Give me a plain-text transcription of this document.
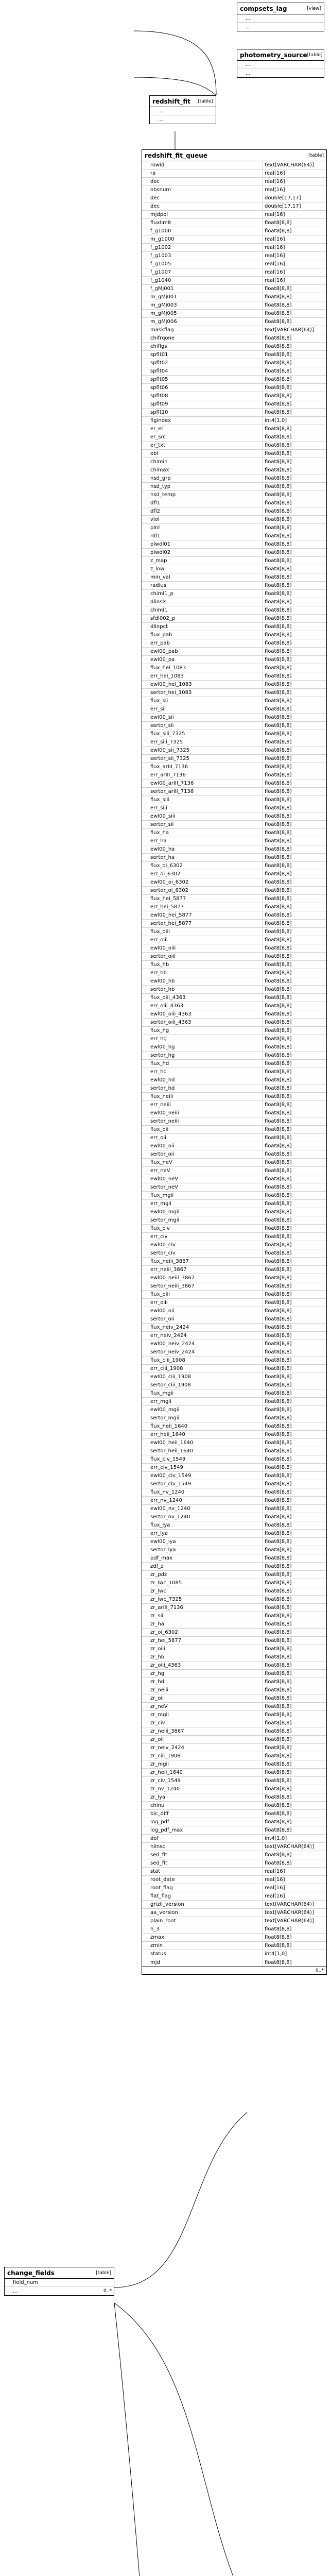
compsets_lag	[view]
...
...
photometry_source [table]
...
...
redshift_fit [table]
...
...
redshift_fit_queue	[table]
rowid	text[VARCHAR(64)]
ra	real[16]
dec	real[16]
obsnum	real[16]
dec	double[17,17]
dec	double[17,17]
mjdpol	real[16]
fluxlimit	float8[8,8]
f_g1000	float8[8,8]
m_g1000	real[16]
f_g1002	real[16]
f_g1003	real[16]
f_g1005	real[16]
f_g1007	real[16]
f_g1040	real[16]
f_gMj001	float8[8,8]
m_gMj001	float8[8,8]
m_gMj003	float8[8,8]
m_gMj005	float8[8,8]
m_gMj006	float8[8,8]
maskflag	text[VARCHAR(64)]
chifrqone	float8[8,8]
chiflgs	float8[8,8]
spflt01	float8[8,8]
spflt02	float8[8,8]
spflt04	float8[8,8]
spflt05	float8[8,8]
spflt06	float8[8,8]
spflt08	float8[8,8]
spflt09	float8[8,8]
spflt10	float8[8,8]
flgindex	int4[1,0]
er_el	float8[8,8]
er_src	float8[8,8]
er_txt	float8[8,8]
obl	float8[8,8]
chimin	float8[8,8]
chimax	float8[8,8]
nsd_grp	float8[8,8]
nsd_typ	float8[8,8]
nsd_temp	float8[8,8]
dfl1	float8[8,8]
dfl2	float8[8,8]
vlol	float8[8,8]
plnl	float8[8,8]
rdl1	float8[8,8]
plwdl01	float8[8,8]
plwdl02	float8[8,8]
z_map	float8[8,8]
z_low	float8[8,8]
min_val	float8[8,8]
radius	float8[8,8]
chiml1_p	float8[8,8]
dlinsls	float8[8,8]
chiml1	float8[8,8]
sfdl002_p	float8[8,8]
dlinpct	float8[8,8]
flux_pab	float8[8,8]
err_pab	float8[8,8]
ewl00_pab	float8[8,8]
ewl00_pa	float8[8,8]
flux_hei_1083	float8[8,8]
err_hei_1083	float8[8,8]
ewl00_hei_1083	float8[8,8]
sertor_hei_1083	float8[8,8]
flux_sii	float8[8,8]
err_sii	float8[8,8]
ewl00_sii	float8[8,8]
sertor_sii	float8[8,8]
flux_siii_7325	float8[8,8]
err_siii_7325	float8[8,8]
ewl00_sii_7325	float8[8,8]
sertor_sii_7325	float8[8,8]
flux_arIII_7136	float8[8,8]
err_arIII_7136	float8[8,8]
ewl00_arIII_7136	float8[8,8]
sertor_arIII_7136	float8[8,8]
flux_siii	float8[8,8]
err_siii	float8[8,8]
ewl00_siii	float8[8,8]
sertor_sii	float8[8,8]
flux_ha	float8[8,8]
err_ha	float8[8,8]
ewl00_ha	float8[8,8]
sertor_ha	float8[8,8]
flux_oi_6302	float8[8,8]
err_oi_6302	float8[8,8]
ewl00_oi_6302	float8[8,8]
sertor_oi_6302	float8[8,8]
flux_hei_5877	float8[8,8]
err_hei_5877	float8[8,8]
ewl00_hei_5877	float8[8,8]
sertor_hei_5877	float8[8,8]
flux_oiii	float8[8,8]
err_oiii	float8[8,8]
ewl00_oiii	float8[8,8]
sertor_oiii	float8[8,8]
flux_hb	float8[8,8]
err_hb	float8[8,8]
ewl00_hb	float8[8,8]
sertor_hb	float8[8,8]
flux_oiii_4363	float8[8,8]
err_oiii_4363	float8[8,8]
ewl00_oiii_4363	float8[8,8]
sertor_oiii_4363	float8[8,8]
flux_hg	float8[8,8]
err_hg	float8[8,8]
ewl00_hg	float8[8,8]
sertor_hg	float8[8,8]
flux_hd	float8[8,8]
err_hd	float8[8,8]
ewl00_hd	float8[8,8]
sertor_hd	float8[8,8]
flux_neiii	float8[8,8]
err_neiii	float8[8,8]
ewl00_neiii	float8[8,8]
sertor_neiii	float8[8,8]
flux_oii	float8[8,8]
err_oii	float8[8,8]
ewl00_oii	float8[8,8]
sertor_oii	float8[8,8]
flux_neV	float8[8,8]
err_neV	float8[8,8]
ewl00_neV	float8[8,8]
sertor_neV	float8[8,8]
flux_mgii	float8[8,8]
err_mgii	float8[8,8]
ewl00_mgii	float8[8,8]
sertor_mgii	float8[8,8]
flux_civ	float8[8,8]
err_civ	float8[8,8]
ewl00_civ	float8[8,8]
sertor_civ	float8[8,8]
flux_neiii_3867	float8[8,8]
err_neiii_3867	float8[8,8]
ewl00_neiii_3867	float8[8,8]
sertor_neiii_3867	float8[8,8]
flux_oiii	float8[8,8]
err_oiii	float8[8,8]
ewl00_oii	float8[8,8]
sertor_oii	float8[8,8]
flux_neiv_2424	float8[8,8]
err_neiv_2424	float8[8,8]
ewl00_neiv_2424	float8[8,8]
sertor_neiv_2424	float8[8,8]
flux_ciii_1908	float8[8,8]
err_ciii_1908	float8[8,8]
ewl00_ciii_1908	float8[8,8]
sertor_ciii_1908	float8[8,8]
flux_mgii	float8[8,8]
err_mgii	float8[8,8]
ewl00_mgii	float8[8,8]
sertor_mgii	float8[8,8]
flux_heii_1640	float8[8,8]
err_heii_1640	float8[8,8]
ewl00_heii_1640	float8[8,8]
sertor_heii_1640	float8[8,8]
flux_civ_1549	float8[8,8]
err_civ_1549	float8[8,8]
ewl00_civ_1549	float8[8,8]
sertor_civ_1549	float8[8,8]
flux_nv_1240	float8[8,8]
err_nv_1240	float8[8,8]
ewl00_nv_1240	float8[8,8]
sertor_nv_1240	float8[8,8]
flux_lya	float8[8,8]
err_lya	float8[8,8]
ewl00_lya	float8[8,8]
sertor_lya	float8[8,8]
pdf_max	float8[8,8]
zdf_z	float8[8,8]
zr_pdz	float8[8,8]
zr_lwc_1085	float8[8,8]
zr_lwc	float8[8,8]
zr_lwc_7325	float8[8,8]
zr_arIII_7136	float8[8,8]
zr_siii	float8[8,8]
zr_ha	float8[8,8]
zr_oi_6302	float8[8,8]
zr_hei_5877	float8[8,8]
zr_oiii	float8[8,8]
zr_hb	float8[8,8]
zr_oiii_4363	float8[8,8]
zr_hg	float8[8,8]
zr_hd	float8[8,8]
zr_neiii	float8[8,8]
zr_oii	float8[8,8]
zr_neV	float8[8,8]
zr_mgii	float8[8,8]
zr_civ	float8[8,8]
zr_neiii_3867	float8[8,8]
zr_oii	float8[8,8]
zr_neiv_2424	float8[8,8]
zr_ciii_1908	float8[8,8]
zr_mgii	float8[8,8]
zr_heii_1640	float8[8,8]
zr_civ_1549	float8[8,8]
zr_nv_1240	float8[8,8]
zr_lya	float8[8,8]
chinu	float8[8,8]
bic_diff	float8[8,8]
log_pdf	float8[8,8]
log_pdf_max	float8[8,8]
dof	int4[1,0]
nlinsq	text[VARCHAR(64)]
sed_fit	float8[8,8]
sed_fit	float8[8,8]
stat	real[16]
root_date	real[16]
root_flag	real[16]
flat_flag	real[16]
grizli_version	text[VARCHAR(64)]
aa_version	text[VARCHAR(64)]
plain_root	text[VARCHAR(64)]
h_3	float8[8,8]
zmax	float8[8,8]
zmin	float8[8,8]
status	int4[1,0]
mjd	float8[8,8]
0..*
change_fields	[table]
field_num
...	0..*
